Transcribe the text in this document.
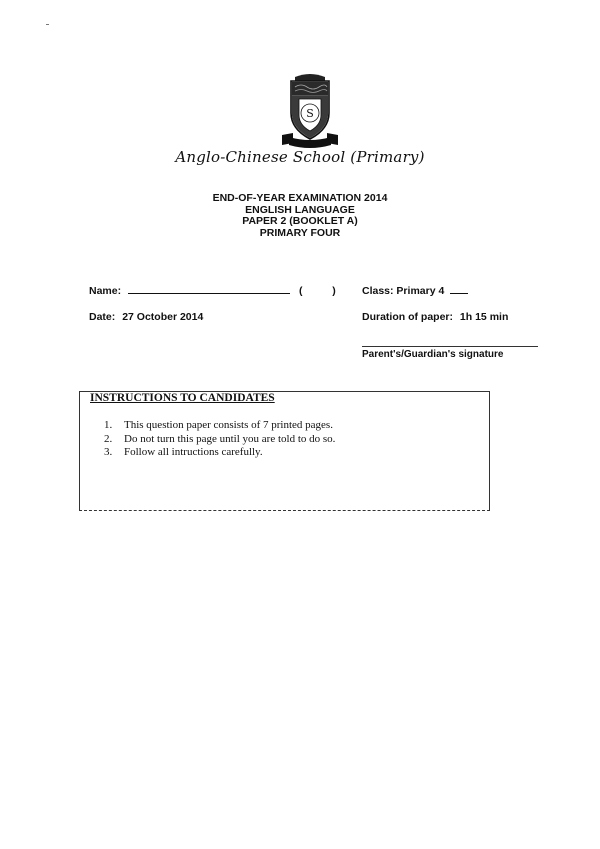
S
Anglo-Chinese School (Primary)
END-OF-YEAR EXAMINATION 2014
ENGLISH LANGUAGE
PAPER 2 (BOOKLET A)
PRIMARY FOUR
Name:	(	) Class: Primary 4
Date: 27 October 2014	Duration of paper: 1h 15 min
Parent's/Guardian's signature
INSTRUCTIONS TO CANDIDATES
1. This question paper consists of 7 printed pages.
2. Do not turn this page until you are told to do so.
3. Follow all intructions carefully.
